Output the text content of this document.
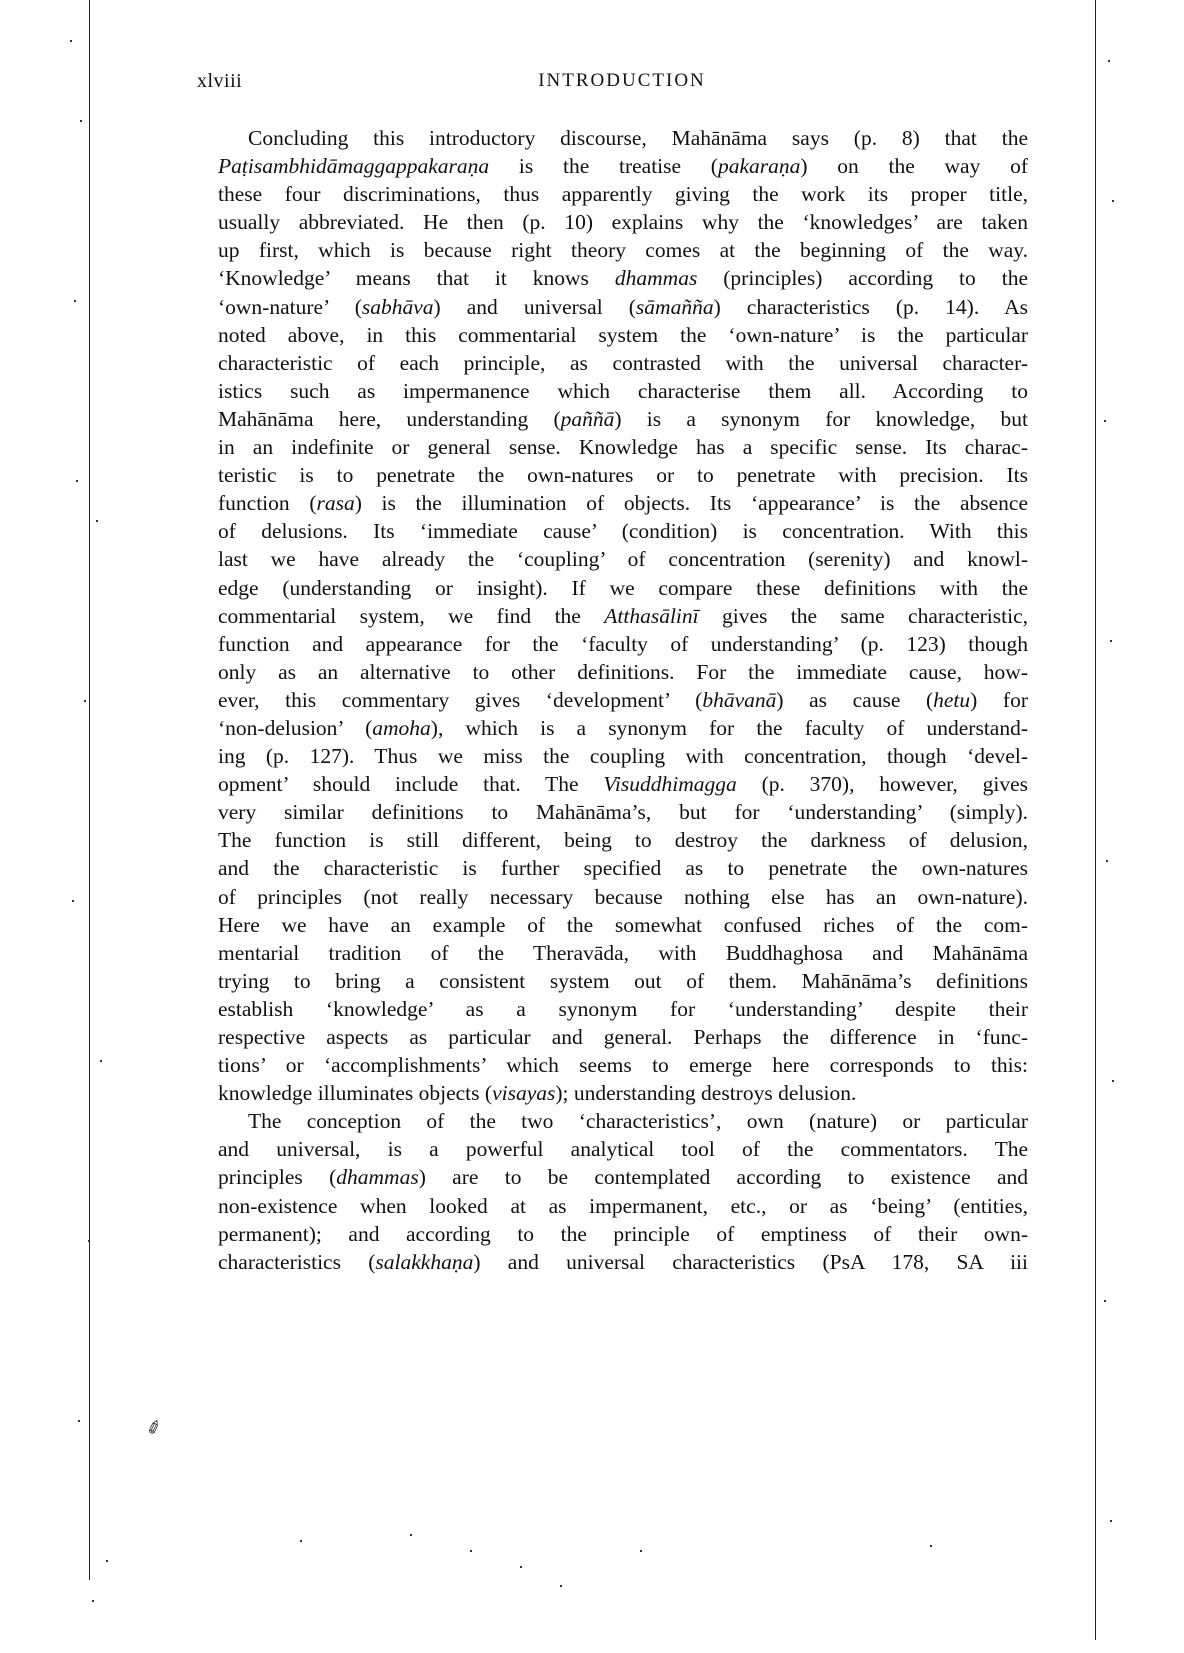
xlviii	INTRODUCTION
Concluding this introductory discourse, Mahānāma says (p. 8) that the
Paṭisambhidāmaggappakaraṇa is the treatise (pakaraṇa) on the way of
these four discriminations, thus apparently giving the work its proper title,
usually abbreviated. He then (p. 10) explains why the ‘knowledges’ are taken
up first, which is because right theory comes at the beginning of the way.
‘Knowledge’ means that it knows dhammas (principles) according to the
‘own-nature’ (sabhāva) and universal (sāmañña) characteristics (p. 14). As
noted above, in this commentarial system the ‘own-nature’ is the particular
characteristic of each principle, as contrasted with the universal character-
istics such as impermanence which characterise them all. According to
Mahānāma here, understanding (paññā) is a synonym for knowledge, but
in an indefinite or general sense. Knowledge has a specific sense. Its charac-
teristic is to penetrate the own-natures or to penetrate with precision. Its
function (rasa) is the illumination of objects. Its ‘appearance’ is the absence
of delusions. Its ‘immediate cause’ (condition) is concentration. With this
last we have already the ‘coupling’ of concentration (serenity) and knowl-
edge (understanding or insight). If we compare these definitions with the
commentarial system, we find the Atthasālinī gives the same characteristic,
function and appearance for the ‘faculty of understanding’ (p. 123) though
only as an alternative to other definitions. For the immediate cause, how-
ever, this commentary gives ‘development’ (bhāvanā) as cause (hetu) for
‘non-delusion’ (amoha), which is a synonym for the faculty of understand-
ing (p. 127). Thus we miss the coupling with concentration, though ‘devel-
opment’ should include that. The Visuddhimagga (p. 370), however, gives
very similar definitions to Mahānāma’s, but for ‘understanding’ (simply).
The function is still different, being to destroy the darkness of delusion,
and the characteristic is further specified as to penetrate the own-natures
of principles (not really necessary because nothing else has an own-nature).
Here we have an example of the somewhat confused riches of the com-
mentarial tradition of the Theravāda, with Buddhaghosa and Mahānāma
trying to bring a consistent system out of them. Mahānāma’s definitions
establish ‘knowledge’ as a synonym for ‘understanding’ despite their
respective aspects as particular and general. Perhaps the difference in ‘func-
tions’ or ‘accomplishments’ which seems to emerge here corresponds to this:
knowledge illuminates objects (visayas); understanding destroys delusion.
The conception of the two ‘characteristics’, own (nature) or particular
and universal, is a powerful analytical tool of the commentators. The
principles (dhammas) are to be contemplated according to existence and
non-existence when looked at as impermanent, etc., or as ‘being’ (entities,
permanent); and according to the principle of emptiness of their own-
characteristics (salakkhaṇa) and universal characteristics (PsA 178, SA iii
✐
